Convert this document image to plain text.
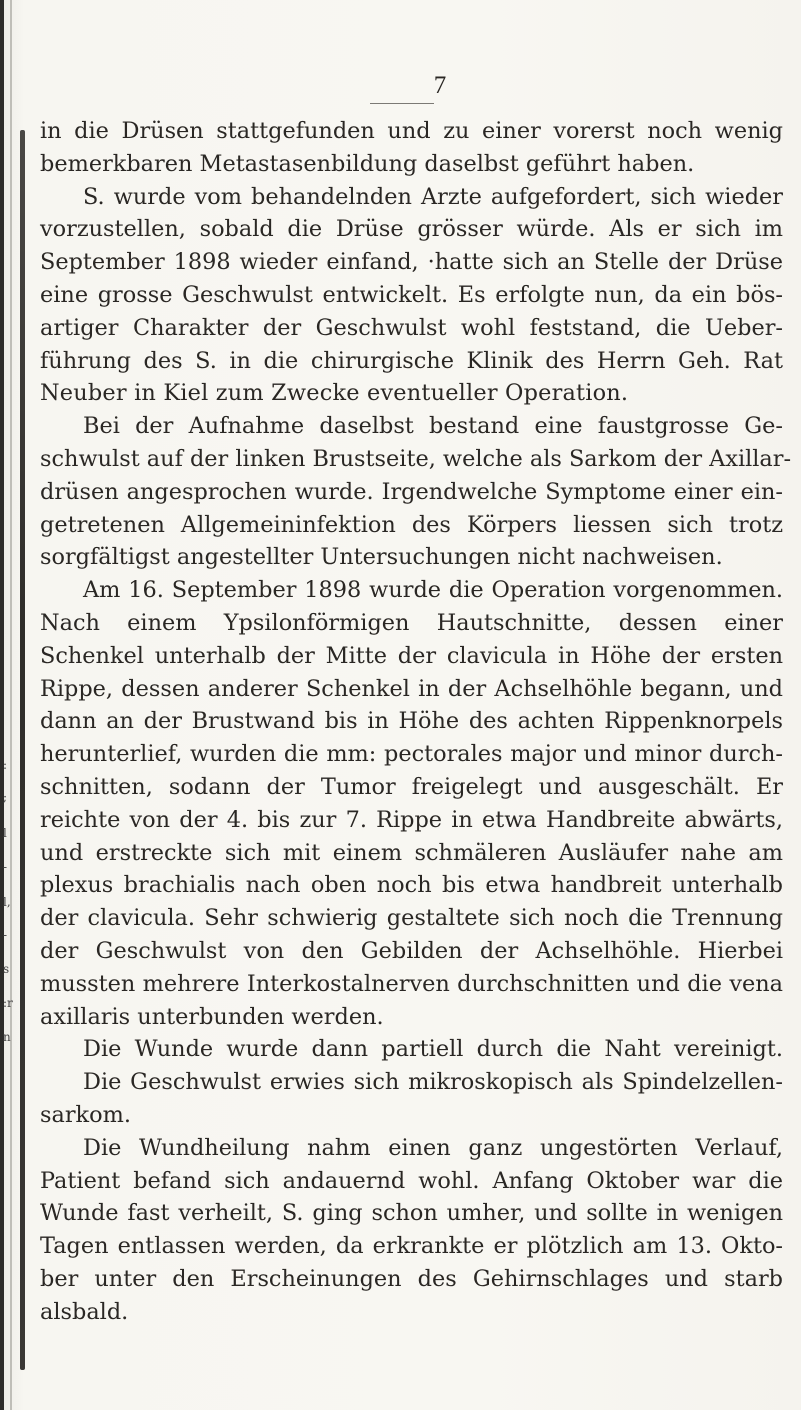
:
;
l
-
l,
-
s
:r
n
7
in die Drüsen stattgefunden und zu einer vorerst noch wenig
bemerkbaren Metastasenbildung daselbst geführt haben.
S. wurde vom behandelnden Arzte aufgefordert, sich wieder
vorzustellen, sobald die Drüse grösser würde. Als er sich im
September 1898 wieder einfand, ·hatte sich an Stelle der Drüse
eine grosse Geschwulst entwickelt. Es erfolgte nun, da ein bös-
artiger Charakter der Geschwulst wohl feststand, die Ueber-
führung des S. in die chirurgische Klinik des Herrn Geh. Rat
Neuber in Kiel zum Zwecke eventueller Operation.
Bei der Aufnahme daselbst bestand eine faustgrosse Ge-
schwulst auf der linken Brustseite, welche als Sarkom der Axillar-
drüsen angesprochen wurde. Irgendwelche Symptome einer ein-
getretenen Allgemeininfektion des Körpers liessen sich trotz
sorgfältigst angestellter Untersuchungen nicht nachweisen.
Am 16. September 1898 wurde die Operation vorgenommen.
Nach einem Ypsilonförmigen Hautschnitte, dessen einer
Schenkel unterhalb der Mitte der clavicula in Höhe der ersten
Rippe, dessen anderer Schenkel in der Achselhöhle begann, und
dann an der Brustwand bis in Höhe des achten Rippenknorpels
herunterlief, wurden die mm: pectorales major und minor durch-
schnitten, sodann der Tumor freigelegt und ausgeschält. Er
reichte von der 4. bis zur 7. Rippe in etwa Handbreite abwärts,
und erstreckte sich mit einem schmäleren Ausläufer nahe am
plexus brachialis nach oben noch bis etwa handbreit unterhalb
der clavicula. Sehr schwierig gestaltete sich noch die Trennung
der Geschwulst von den Gebilden der Achselhöhle. Hierbei
mussten mehrere Interkostalnerven durchschnitten und die vena
axillaris unterbunden werden.
Die Wunde wurde dann partiell durch die Naht vereinigt.
Die Geschwulst erwies sich mikroskopisch als Spindelzellen-
sarkom.
Die Wundheilung nahm einen ganz ungestörten Verlauf,
Patient befand sich andauernd wohl. Anfang Oktober war die
Wunde fast verheilt, S. ging schon umher, und sollte in wenigen
Tagen entlassen werden, da erkrankte er plötzlich am 13. Okto-
ber unter den Erscheinungen des Gehirnschlages und starb
alsbald.
